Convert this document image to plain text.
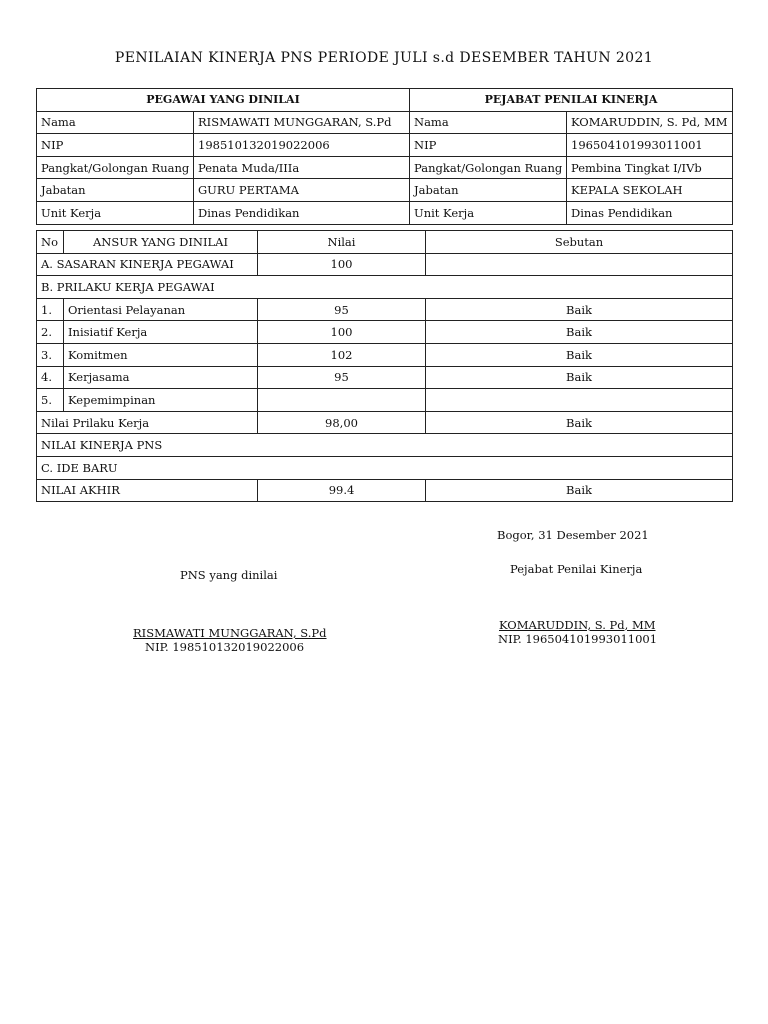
PENILAIAN KINERJA PNS PERIODE JULI s.d DESEMBER TAHUN 2021
PEGAWAI YANG DINILAI		PEJABAT PENILAI KINERJA	
Nama	RISMAWATI MUNGGARAN, S.Pd	Nama	KOMARUDDIN, S. Pd, MM
NIP	198510132019022006	NIP	196504101993011001
Pangkat/Golongan Ruang	Penata Muda/IIIa	Pangkat/Golongan Ruang	Pembina Tingkat I/IVb
Jabatan	GURU PERTAMA	Jabatan	KEPALA SEKOLAH
Unit Kerja	Dinas Pendidikan	Unit Kerja	Dinas Pendidikan
No	ANSUR YANG DINILAI	Nilai	Sebutan
A. SASARAN KINERJA PEGAWAI		100	
B. PRILAKU KERJA PEGAWAI			
1.	Orientasi Pelayanan	95	Baik
2.	Inisiatif Kerja	100	Baik
3.	Komitmen	102	Baik
4.	Kerjasama	95	Baik
5.	Kepemimpinan		
Nilai Prilaku Kerja		98,00	Baik
NILAI KINERJA PNS			
C. IDE BARU			
NILAI AKHIR		99.4	Baik
Bogor, 31 Desember 2021
PNS yang dinilai
RISMAWATI MUNGGARAN, S.Pd
NIP. 198510132019022006
Pejabat Penilai Kinerja
KOMARUDDIN, S. Pd, MM
NIP. 196504101993011001
